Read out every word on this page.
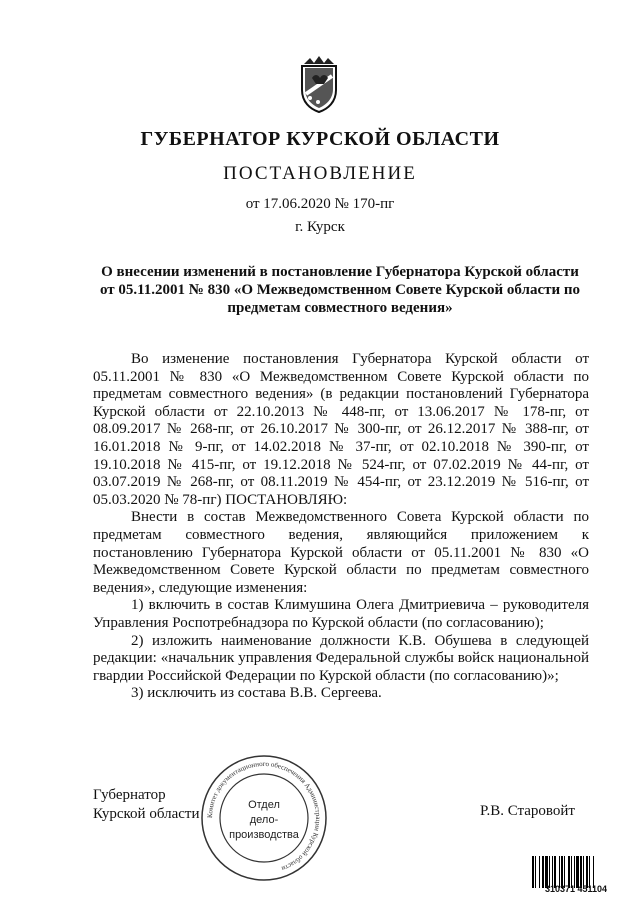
ГУБЕРНАТОР КУРСКОЙ ОБЛАСТИ
ПОСТАНОВЛЕНИЕ
от 17.06.2020 № 170-пг
г. Курск
О внесении изменений в постановление Губернатора Курской области
от 05.11.2001 № 830 «О Межведомственном Совете Курской области по
предметам совместного ведения»

Во изменение постановления Губернатора Курской области от 05.11.2001 № 830 «О Межведомственном Совете Курской области по предметам совместного ведения» (в редакции постановлений Губернатора Курской области от 22.10.2013 № 448-пг, от 13.06.2017 № 178-пг, от 08.09.2017 № 268-пг, от 26.10.2017 № 300-пг, от 26.12.2017 № 388-пг, от 16.01.2018 № 9-пг, от 14.02.2018 № 37-пг, от 02.10.2018 № 390-пг, от 19.10.2018 № 415-пг, от 19.12.2018 № 524-пг, от 07.02.2019 № 44-пг, от 03.07.2019 № 268-пг, от 08.11.2019 № 454-пг, от 23.12.2019 № 516-пг, от 05.03.2020 № 78-пг) ПОСТАНОВЛЯЮ:

Внести в состав Межведомственного Совета Курской области по предметам совместного ведения, являющийся приложением к постановлению Губернатора Курской области от 05.11.2001 № 830 «О Межведомственном Совете Курской области по предметам совместного ведения», следующие изменения:

1) включить в состав Климушина Олега Дмитриевича – руководителя Управления Роспотребнадзора по Курской области (по согласованию);

2) изложить наименование должности К.В. Обушева в следующей редакции: «начальник управления Федеральной службы войск национальной гвардии Российской Федерации по Курской области (по согласованию)»;

3) исключить из состава В.В. Сергеева.

Губернатор
Курской области	Р.В. Старовойт
Комитет документационного обеспечения Администрации Курской области
Отдел
дело-
производства
310371 451104
